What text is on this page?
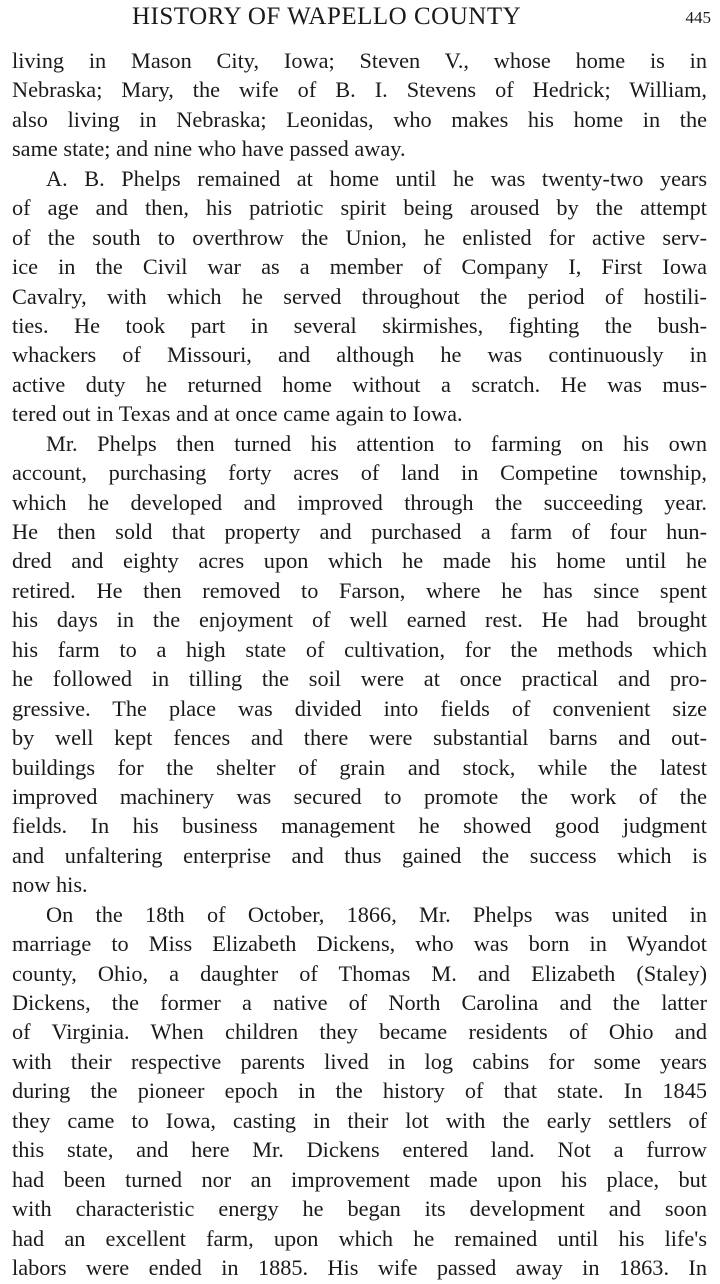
HISTORY OF WAPELLO COUNTY	445
living in Mason City, Iowa; Steven V., whose home is in
Nebraska; Mary, the wife of B. I. Stevens of Hedrick; William,
also living in Nebraska; Leonidas, who makes his home in the
same state; and nine who have passed away.
A. B. Phelps remained at home until he was twenty-two years
of age and then, his patriotic spirit being aroused by the attempt
of the south to overthrow the Union, he enlisted for active serv-
ice in the Civil war as a member of Company I, First Iowa
Cavalry, with which he served throughout the period of hostili-
ties. He took part in several skirmishes, fighting the bush-
whackers of Missouri, and although he was continuously in
active duty he returned home without a scratch. He was mus-
tered out in Texas and at once came again to Iowa.
Mr. Phelps then turned his attention to farming on his own
account, purchasing forty acres of land in Competine township,
which he developed and improved through the succeeding year.
He then sold that property and purchased a farm of four hun-
dred and eighty acres upon which he made his home until he
retired. He then removed to Farson, where he has since spent
his days in the enjoyment of well earned rest. He had brought
his farm to a high state of cultivation, for the methods which
he followed in tilling the soil were at once practical and pro-
gressive. The place was divided into fields of convenient size
by well kept fences and there were substantial barns and out-
buildings for the shelter of grain and stock, while the latest
improved machinery was secured to promote the work of the
fields. In his business management he showed good judgment
and unfaltering enterprise and thus gained the success which is
now his.
On the 18th of October, 1866, Mr. Phelps was united in
marriage to Miss Elizabeth Dickens, who was born in Wyandot
county, Ohio, a daughter of Thomas M. and Elizabeth (Staley)
Dickens, the former a native of North Carolina and the latter
of Virginia. When children they became residents of Ohio and
with their respective parents lived in log cabins for some years
during the pioneer epoch in the history of that state. In 1845
they came to Iowa, casting in their lot with the early settlers of
this state, and here Mr. Dickens entered land. Not a furrow
had been turned nor an improvement made upon his place, but
with characteristic energy he began its development and soon
had an excellent farm, upon which he remained until his life's
labors were ended in 1885. His wife passed away in 1863. In
